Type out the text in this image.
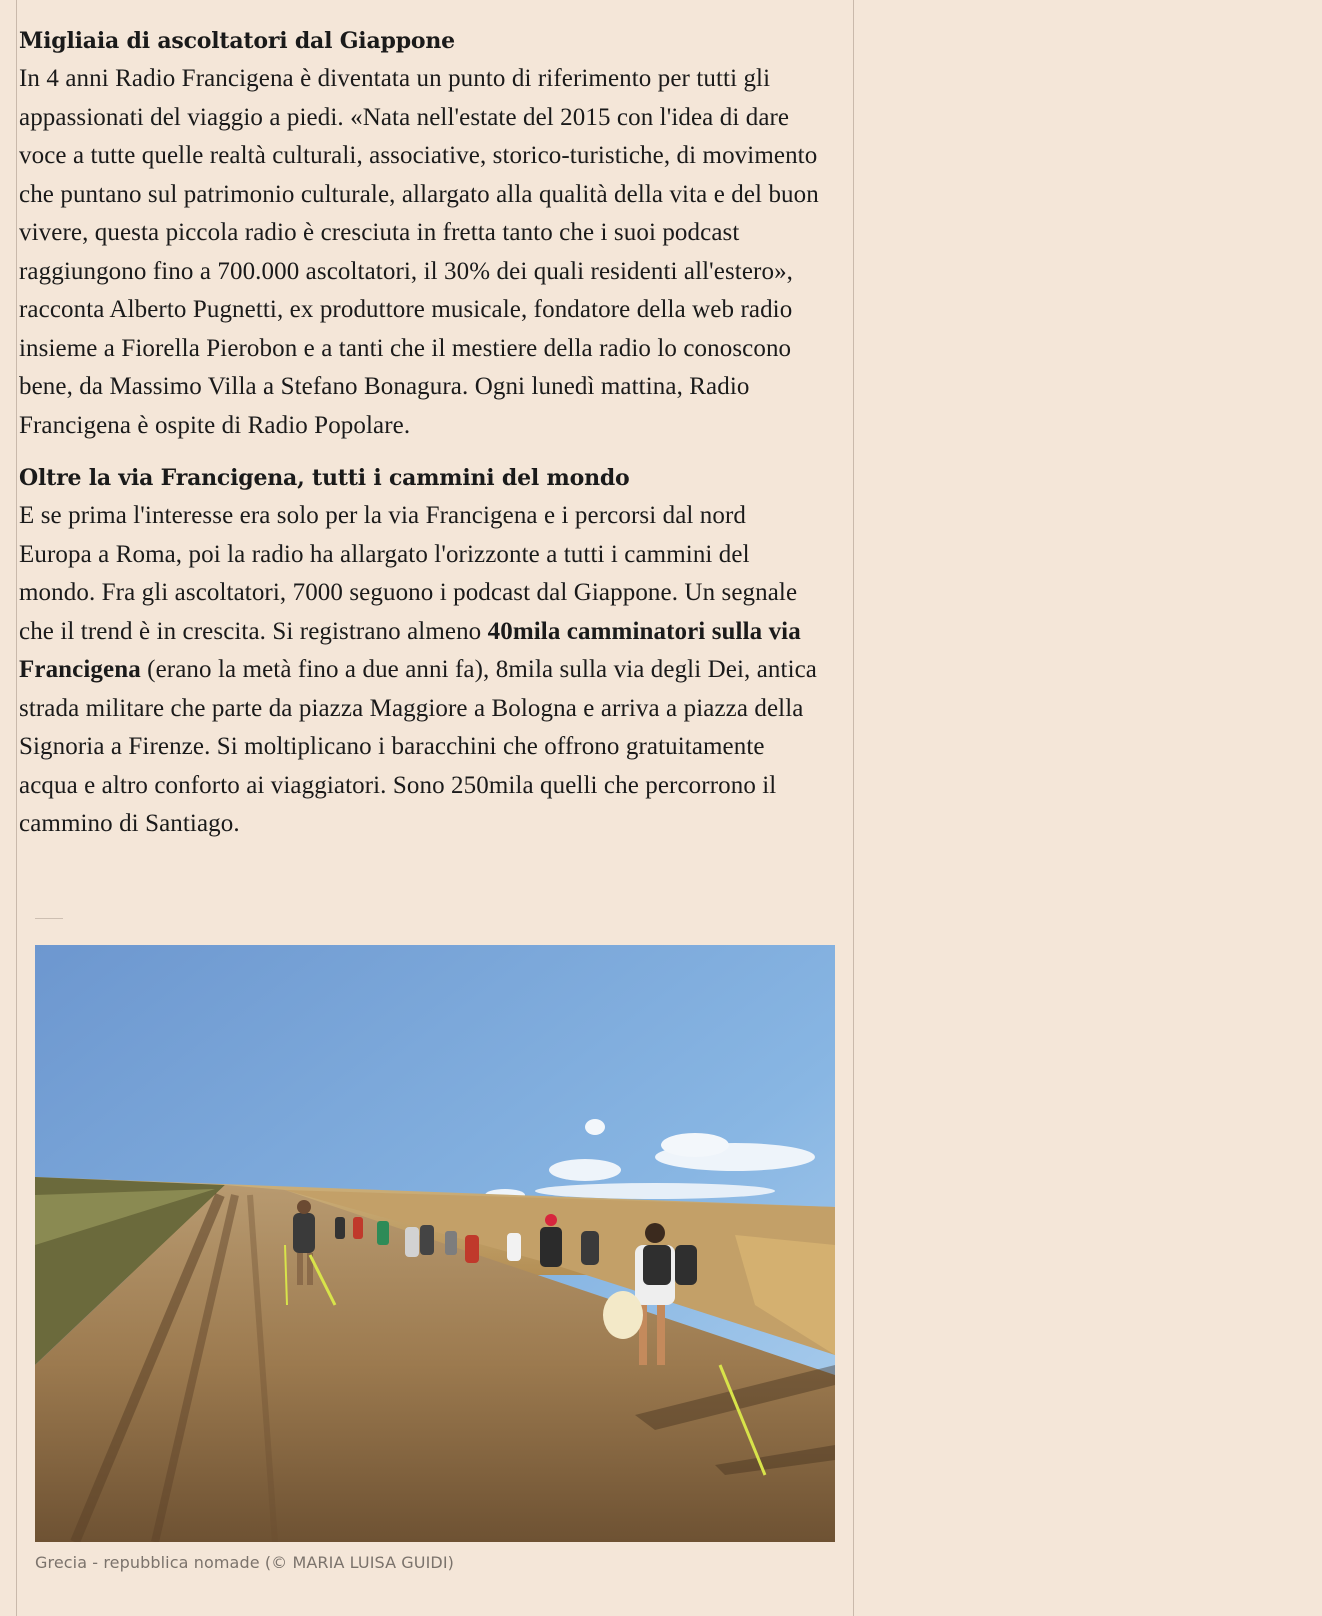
Migliaia di ascoltatori dal Giappone

In 4 anni Radio Francigena è diventata un punto di riferimento per tutti gli appassionati del viaggio a piedi. «Nata nell'estate del 2015 con l'idea di dare voce a tutte quelle realtà culturali, associative, storico-turistiche, di movimento che puntano sul patrimonio culturale, allargato alla qualità della vita e del buon vivere, questa piccola radio è cresciuta in fretta tanto che i suoi podcast raggiungono fino a 700.000 ascoltatori, il 30% dei quali residenti all'estero», racconta Alberto Pugnetti, ex produttore musicale, fondatore della web radio insieme a Fiorella Pierobon e a tanti che il mestiere della radio lo conoscono bene, da Massimo Villa a Stefano Bonagura. Ogni lunedì mattina, Radio Francigena è ospite di Radio Popolare.

Oltre la via Francigena, tutti i cammini del mondo

E se prima l'interesse era solo per la via Francigena e i percorsi dal nord Europa a Roma, poi la radio ha allargato l'orizzonte a tutti i cammini del mondo. Fra gli ascoltatori, 7000 seguono i podcast dal Giappone. Un segnale che il trend è in crescita. Si registrano almeno 40mila camminatori sulla via Francigena (erano la metà fino a due anni fa), 8mila sulla via degli Dei, antica strada militare che parte da piazza Maggiore a Bologna e arriva a piazza della Signoria a Firenze. Si moltiplicano i baracchini che offrono gratuitamente acqua e altro conforto ai viaggiatori. Sono 250mila quelli che percorrono il cammino di Santiago.

Grecia - repubblica nomade (© MARIA LUISA GUIDI)
